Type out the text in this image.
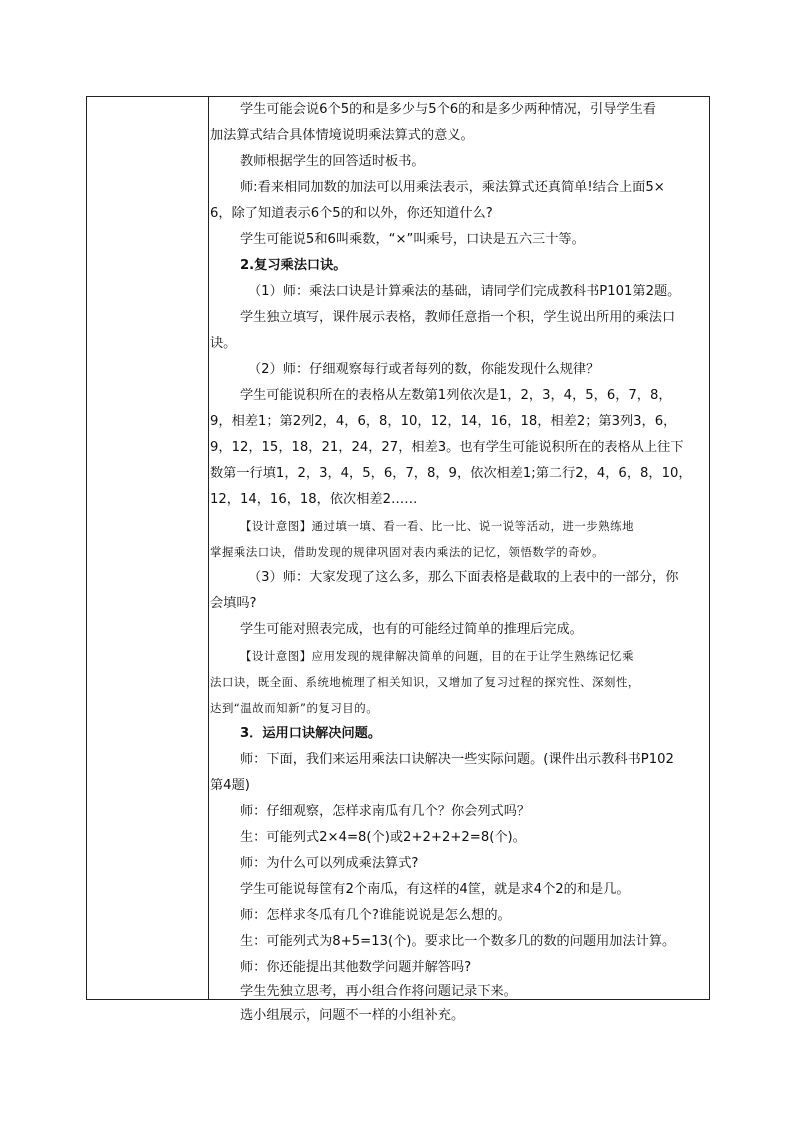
学生可能会说6个5的和是多少与5个6的和是多少两种情况，引导学生看
加法算式结合具体情境说明乘法算式的意义。
教师根据学生的回答适时板书。
师:看来相同加数的加法可以用乘法表示，乘法算式还真简单!结合上面5×
6，除了知道表示6个5的和以外，你还知道什么?
学生可能说5和6叫乘数，“×”叫乘号，口诀是五六三十等。
2.复习乘法口诀。
（1）师：乘法口诀是计算乘法的基础，请同学们完成教科书P101第2题。
学生独立填写，课件展示表格，教师任意指一个积，学生说出所用的乘法口
诀。
（2）师：仔细观察每行或者每列的数，你能发现什么规律？
学生可能说积所在的表格从左数第1列依次是1，2，3，4，5，6，7，8，
9，相差1；第2列2，4，6，8，10，12，14，16，18，相差2；第3列3，6，
9，12，15，18，21，24，27，相差3。也有学生可能说积所在的表格从上往下
数第一行填1，2，3，4，5，6，7，8，9，依次相差1;第二行2，4，6，8，10，
12，14，16，18，依次相差2……
【设计意图】通过填一填、看一看、比一比、说一说等活动，进一步熟练地
掌握乘法口诀，借助发现的规律巩固对表内乘法的记忆，领悟数学的奇妙。
（3）师：大家发现了这么多，那么下面表格是截取的上表中的一部分，你
会填吗?
学生可能对照表完成，也有的可能经过简单的推理后完成。
【设计意图】应用发现的规律解决简单的问题，目的在于让学生熟练记忆乘
法口诀，既全面、系统地梳理了相关知识，又增加了复习过程的探究性、深刻性，
达到“温故而知新”的复习目的。
3．运用口诀解决问题。
师：下面，我们来运用乘法口诀解决一些实际问题。(课件出示教科书P102
第4题)
师：仔细观察，怎样求南瓜有几个？你会列式吗？
生：可能列式2×4=8(个)或2+2+2+2=8(个)。
师：为什么可以列成乘法算式?
学生可能说每筐有2个南瓜，有这样的4筐，就是求4个2的和是几。
师：怎样求冬瓜有几个?谁能说说是怎么想的。
生：可能列式为8+5=13(个)。要求比一个数多几的数的问题用加法计算。
师：你还能提出其他数学问题并解答吗?
学生先独立思考，再小组合作将问题记录下来。
选小组展示，问题不一样的小组补充。
